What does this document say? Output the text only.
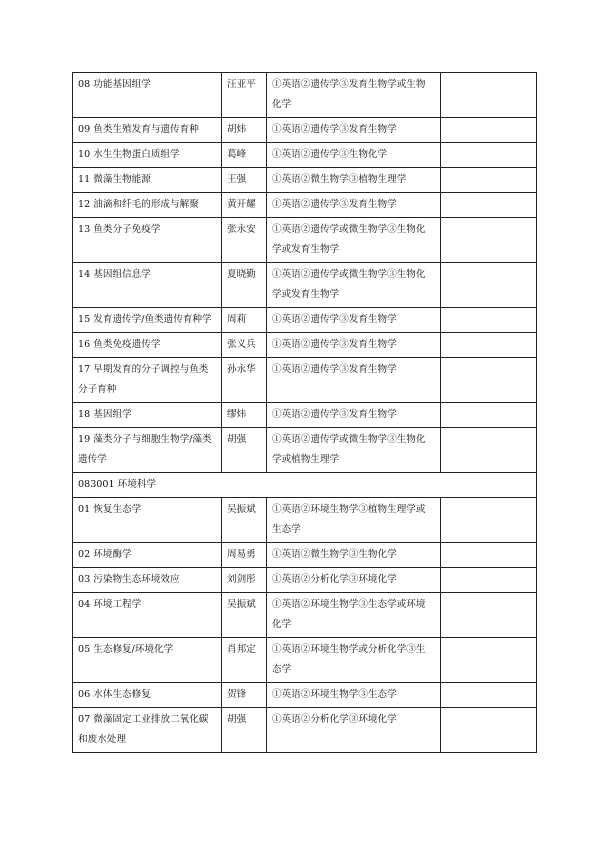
08 功能基因组学	汪亚平	①英语②遗传学③发育生物学或生物化学	
09 鱼类生殖发育与遗传育种	胡炜	①英语②遗传学③发育生物学	
10 水生生物蛋白质组学	葛峰	①英语②遗传学③生物化学	
11 微藻生物能源	王强	①英语②微生物学③植物生理学	
12 油滴和纤毛的形成与解聚	黄开耀	①英语②遗传学③发育生物学	
13 鱼类分子免疫学	张永安	①英语②遗传学或微生物学③生物化学或发育生物学	
14 基因组信息学	夏晓勤	①英语②遗传学或微生物学③生物化学或发育生物学	
15 发育遗传学/鱼类遗传育种学	周莉	①英语②遗传学③发育生物学	
16 鱼类免疫遗传学	张义兵	①英语②遗传学③发育生物学	
17 早期发育的分子调控与鱼类分子育种	孙永华	①英语②遗传学③发育生物学	
18 基因组学	缪炜	①英语②遗传学③发育生物学	
19 藻类分子与细胞生物学/藻类遗传学	胡强	①英语②遗传学或微生物学③生物化学或植物生理学	
083001 环境科学			
01 恢复生态学	吴振斌	①英语②环境生物学③植物生理学或生态学	
02 环境酶学	周易勇	①英语②微生物学③生物化学	
03 污染物生态环境效应	刘剑彤	①英语②分析化学③环境化学	
04 环境工程学	吴振斌	①英语②环境生物学③生态学或环境化学	
05 生态修复/环境化学	肖邦定	①英语②环境生物学或分析化学③生态学	
06 水体生态修复	贺锋	①英语②环境生物学③生态学	
07 微藻固定工业排放二氧化碳和废水处理	胡强	①英语②分析化学③环境化学	
